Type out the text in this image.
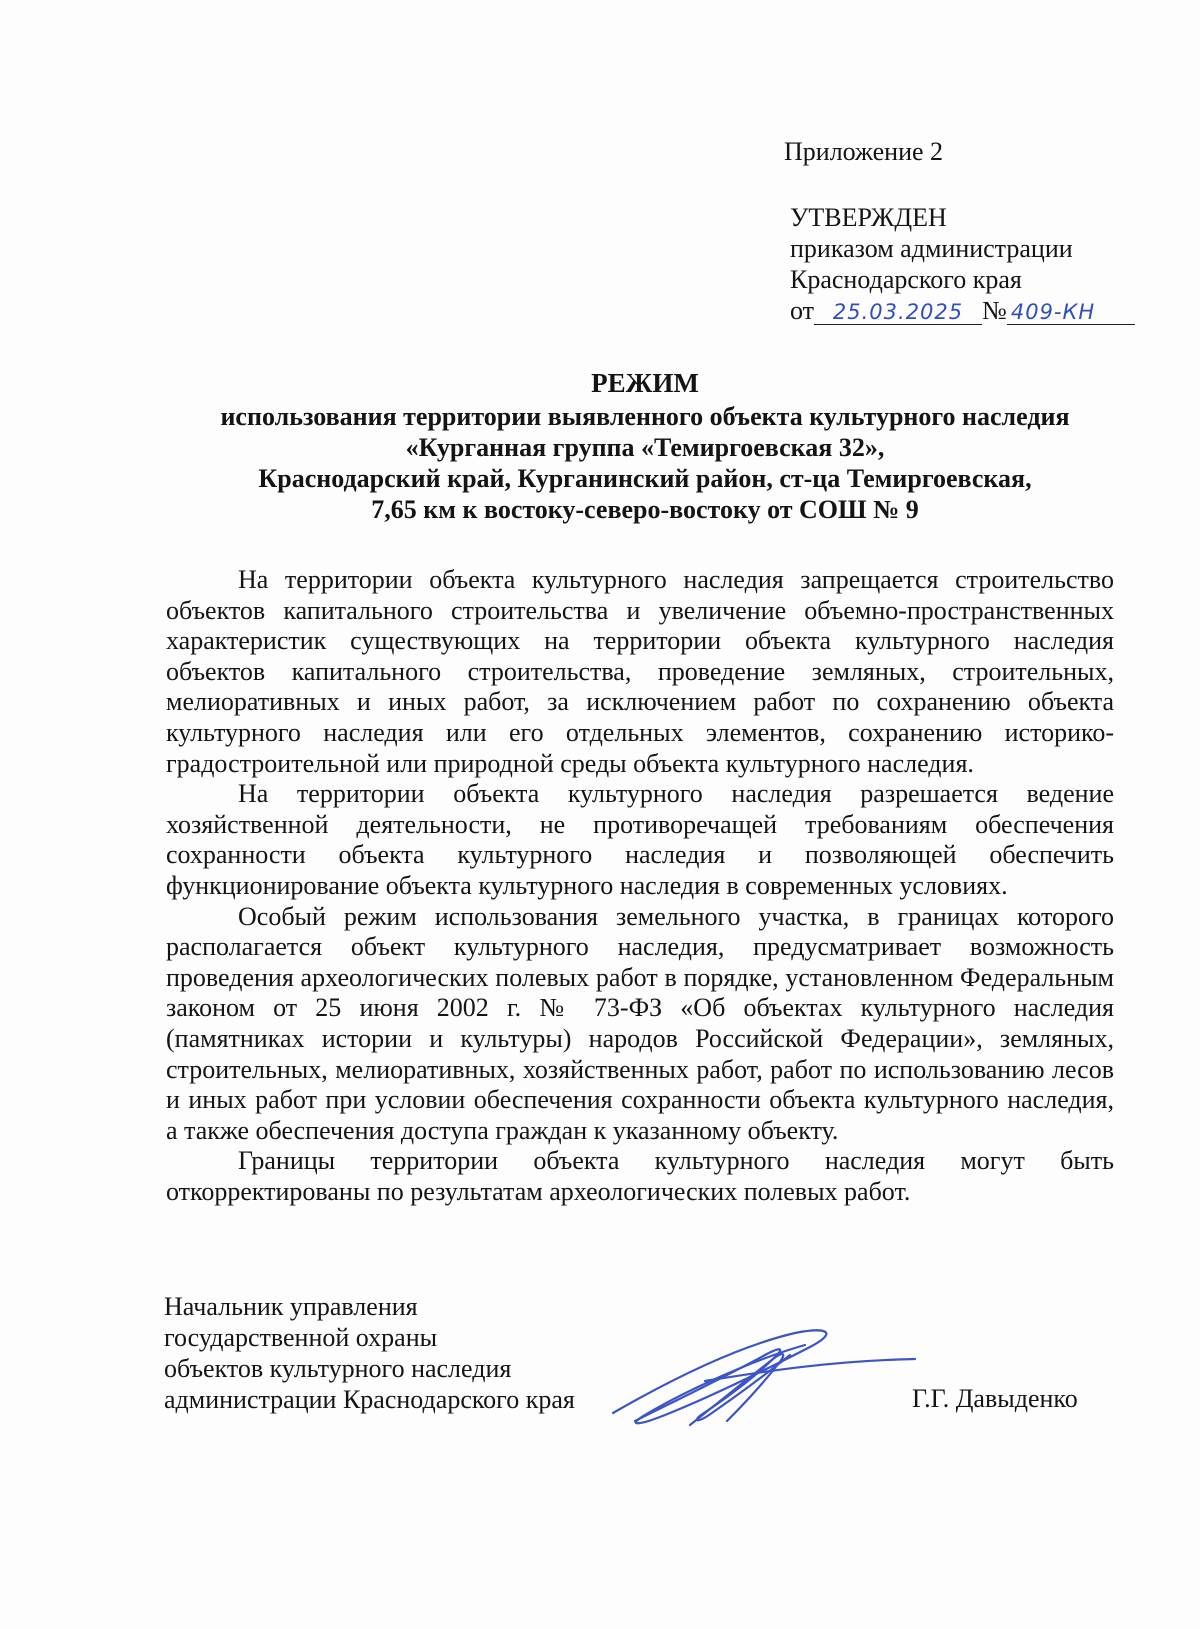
Приложение 2
УТВЕРЖДЕН
приказом администрации
Краснодарского края
от 25.03.2025 № 409-КН
РЕЖИМ
использования территории выявленного объекта культурного наследия
«Курганная группа «Темиргоевская 32»,
Краснодарский край, Курганинский район, ст-ца Темиргоевская,
7,65 км к востоку-северо-востоку от СОШ № 9

На территории объекта культурного наследия запрещается строительство объектов капитального строительства и увеличение объемно-пространственных характеристик существующих на территории объекта культурного наследия объектов капитального строительства, проведение земляных, строительных, мелиоративных и иных работ, за исключением работ по сохранению объекта культурного наследия или его отдельных элементов, сохранению историко-градостроительной или природной среды объекта культурного наследия.

На территории объекта культурного наследия разрешается ведение хозяйственной деятельности, не противоречащей требованиям обеспечения сохранности объекта культурного наследия и позволяющей обеспечить функционирование объекта культурного наследия в современных условиях.

Особый режим использования земельного участка, в границах которого располагается объект культурного наследия, предусматривает возможность проведения археологических полевых работ в порядке, установленном Федеральным законом от 25 июня 2002 г. № 73-ФЗ «Об объектах культурного наследия (памятниках истории и культуры) народов Российской Федерации», земляных, строительных, мелиоративных, хозяйственных работ, работ по использованию лесов и иных работ при условии обеспечения сохранности объекта культурного наследия, а также обеспечения доступа граждан к указанному объекту.

Границы территории объекта культурного наследия могут быть откорректированы по результатам археологических полевых работ.

Начальник управления
государственной охраны
объектов культурного наследия
администрации Краснодарского края	Г.Г. Давыденко
